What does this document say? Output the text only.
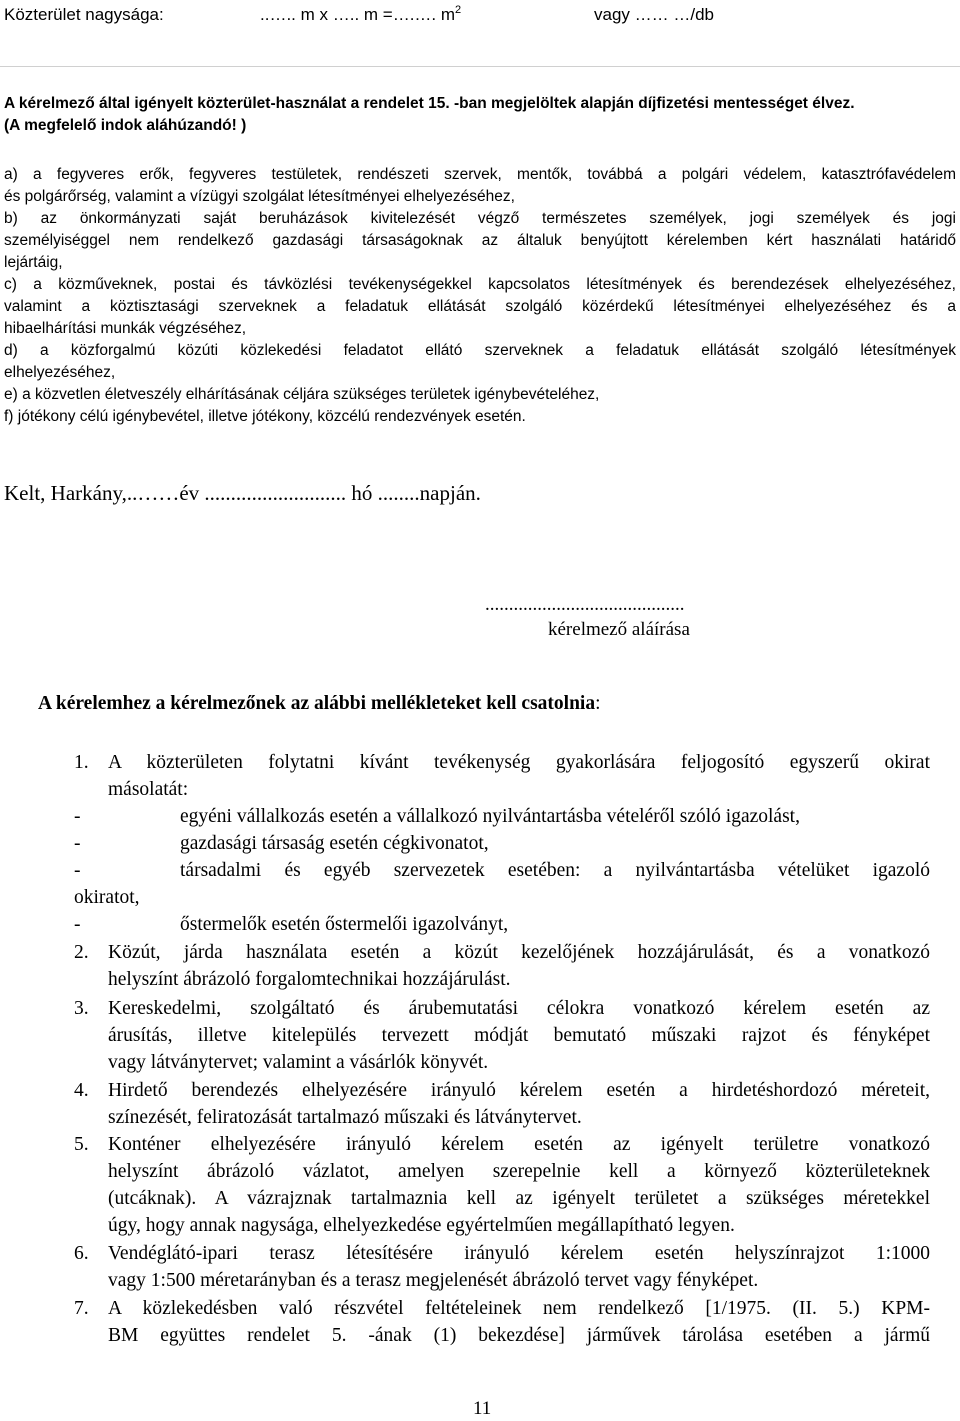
Közterület nagysága:	..….. m x ….. m =….…. $m^2$	vagy …… …/db
A kérelmező által igényelt közterület-használat a rendelet 15. -ban megjelöltek alapján díjfizetési mentességet élvez.
(A megfelelő indok aláhúzandó! )
a) a fegyveres erők, fegyveres testületek, rendészeti szervek, mentők, továbbá a polgári védelem, katasztrófavédelem
és polgárőrség, valamint a vízügyi szolgálat létesítményei elhelyezéséhez,
b) az önkormányzati saját beruházások kivitelezését végző természetes személyek, jogi személyek és jogi
személyiséggel nem rendelkező gazdasági társaságoknak az általuk benyújtott kérelemben kért használati határidő
lejártáig,
c) a közművеknek, postai és távközlési tevékenységekkel kapcsolatos létesítmények és berendezések elhelyezéséhez,
valamint a köztisztasági szerveknek a feladatuk ellátását szolgáló közérdekű létesítményei elhelyezéséhez és a
hibaelhárítási munkák végzéséhez,
d) a közforgalmú közúti közlekedési feladatot ellátó szerveknek a feladatuk ellátását szolgáló létesítmények
elhelyezéséhez,
e) a közvetlen életveszély elhárításának céljára szükséges területek igénybevételéhez,
f) jótékony célú igénybevétel, illetve jótékony, közcélú rendezvények esetén.
Kelt, Harkány,..……év ........................... hó ........napján.
..........................................
kérelmező aláírása
A kérelemhez a kérelmezőnek az alábbi mellékleteket kell csatolnia:
1. A közterületen folytatni kívánt tevékenység gyakorlására feljogosító egyszerű okirat
másolatát:
-	egyéni vállalkozás esetén a vállalkozó nyilvántartásba vételéről szóló igazolást,
-	gazdasági társaság esetén cégkivonatot,
-	társadalmi és egyéb szervezetek esetében: a nyilvántartásba vételüket igazoló
okiratot,
-	őstermelők esetén őstermelői igazolványt,
2. Közút, járda használata esetén a közút kezelőjének hozzájárulását, és a vonatkozó
helyszínt ábrázoló forgalomtechnikai hozzájárulást.
3. Kereskedelmi, szolgáltató és árubemutatási célokra vonatkozó kérelem esetén az
árusítás, illetve kitelepülés tervezett módját bemutató műszaki rajzot és fényképet
vagy látványtervet; valamint a vásárlók könyvét.
4. Hirdető berendezés elhelyezésére irányuló kérelem esetén a hirdetéshordozó méreteit,
színezését, feliratozását tartalmazó műszaki és látványtervet.
5. Konténer elhelyezésére irányuló kérelem esetén az igényelt területre vonatkozó
helyszínt ábrázoló vázlatot, amelyen szerepelnie kell a környező közterületeknek
(utcáknak). A vázrajznak tartalmaznia kell az igényelt területet a szükséges méretekkel
úgy, hogy annak nagysága, elhelyezkedése egyértelműen megállapítható legyen.
6. Vendéglátó-ipari terasz létesítésére irányuló kérelem esetén helyszínrajzot 1:1000
vagy 1:500 méretarányban és a terasz megjelenését ábrázoló tervet vagy fényképet.
7. A közlekedésben való részvétel feltételeinek nem rendelkező [1/1975. (II. 5.) KPM-
BM együttes rendelet 5. -ának (1) bekezdése] járművek tárolása esetében a jármű
11
